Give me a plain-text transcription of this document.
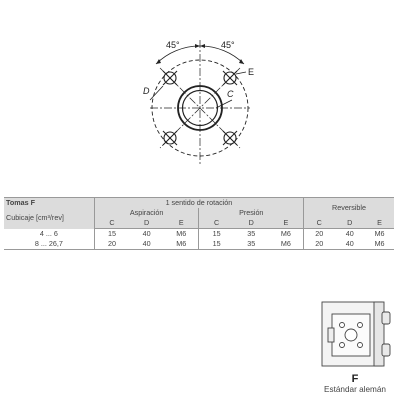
45°	45°
D	C
E
Tomas F	1 sentido de rotación						Reversible		
Cubicaje [cm³/rev]	Aspiración			Presión					
	C	D	E	C	D	E	C	D	E
4 ... 6	15	40	M6	15	35	M6	20	40	M6
8 ... 26,7	20	40	M6	15	35	M6	20	40	M6
F
Estándar alemán
